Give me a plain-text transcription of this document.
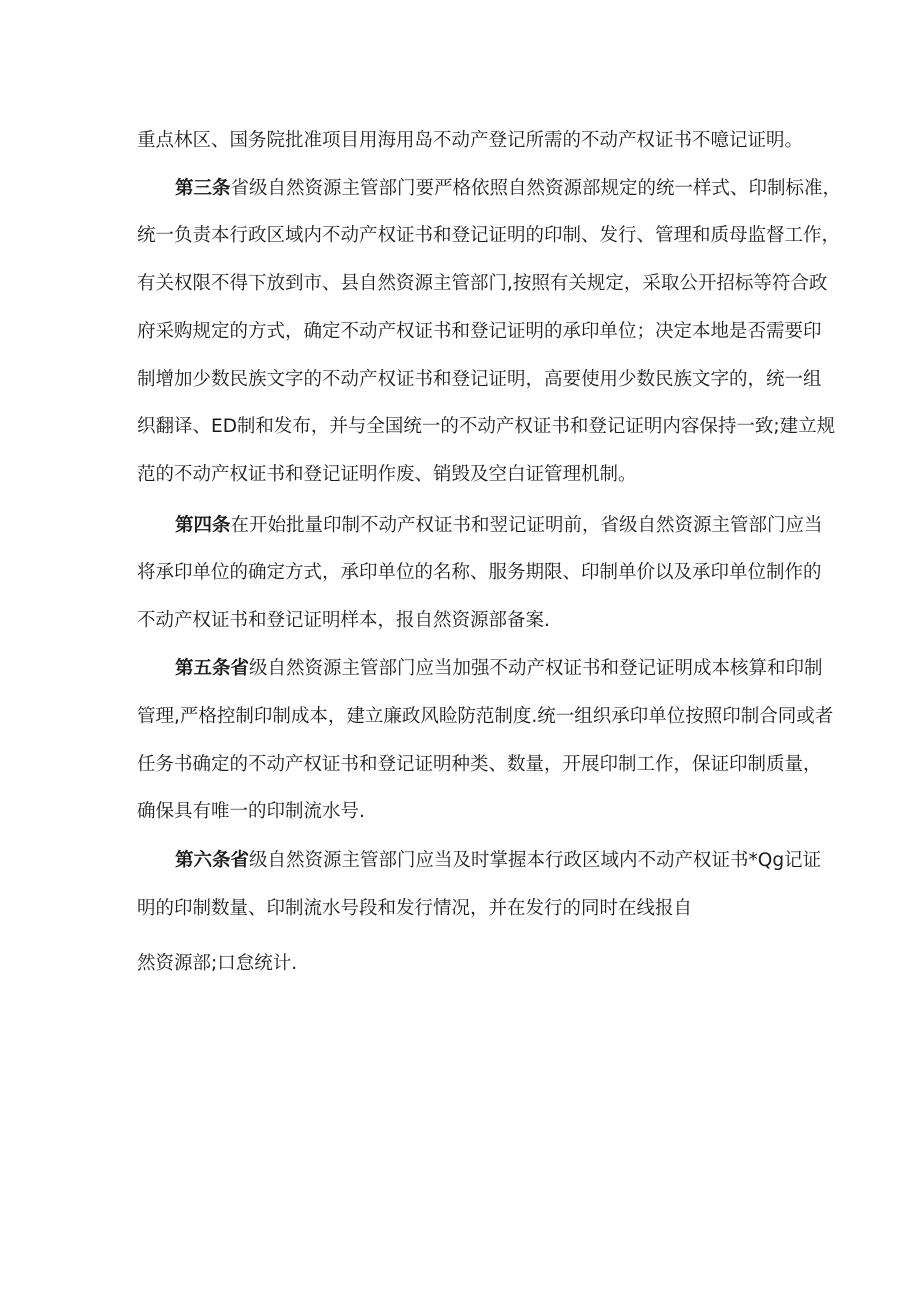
重点林区、国务院批准项目用海用岛不动产登记所需的不动产权证书不噫记证明。
第三条省级自然资源主管部门要严格依照自然资源部规定的统一样式、印制标准，
统一负责本行政区域内不动产权证书和登记证明的印制、发行、管理和质母监督工作，
有关权限不得下放到市、县自然资源主管部门,按照有关规定，采取公开招标等符合政
府采购规定的方式，确定不动产权证书和登记证明的承印单位；决定本地是否需要印
制增加少数民族文字的不动产权证书和登记证明，高要使用少数民族文字的，统一组
织翻译、ED制和发布，并与全国统一的不动产权证书和登记证明内容保持一致;建立规
范的不动产权证书和登记证明作废、销毁及空白证管理机制。
第四条在开始批量印制不动产权证书和翌记证明前，省级自然资源主管部门应当
将承印单位的确定方式，承印单位的名称、服务期限、印制单价以及承印单位制作的
不动产权证书和登记证明样本，报自然资源部备案.
第五条省级自然资源主管部门应当加强不动产权证书和登记证明成本核算和印制
管理,严格控制印制成本，建立廉政风睑防范制度.统一组织承印单位按照印制合同或者
任务书确定的不动产权证书和登记证明种类、数量，开展印制工作，保证印制质量，
确保具有唯一的印制流水号.
第六条省级自然资源主管部门应当及时掌握本行政区域内不动产权证书*Qg记证
明的印制数量、印制流水号段和发行情况，并在发行的同时在线报自
然资源部;口怠统计.
